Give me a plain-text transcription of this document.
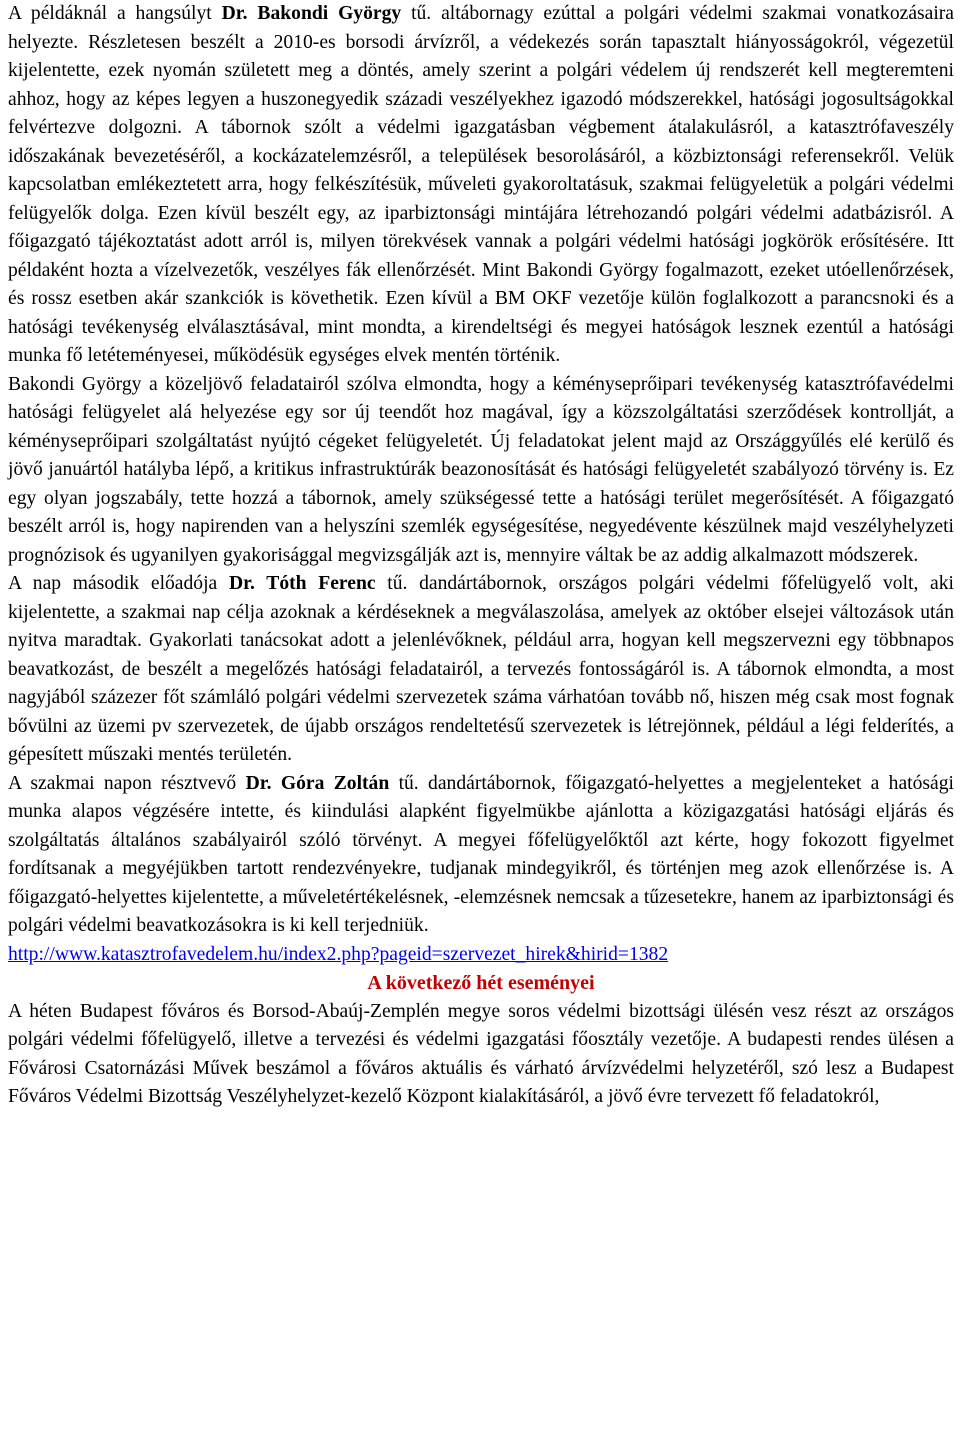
A példáknál a hangsúlyt Dr. Bakondi György tű. altábornagy ezúttal a polgári védelmi szakmai vonatkozásaira helyezte. Részletesen beszélt a 2010-es borsodi árvízről, a védekezés során tapasztalt hiányosságokról, végezetül kijelentette, ezek nyomán született meg a döntés, amely szerint a polgári védelem új rendszerét kell megteremteni ahhoz, hogy az képes legyen a huszonegyedik századi veszélyekhez igazodó módszerekkel, hatósági jogosultságokkal felvértezve dolgozni. A tábornok szólt a védelmi igazgatásban végbement átalakulásról, a katasztrófaveszély időszakának bevezetéséről, a kockázatelemzésről, a települések besorolásáról, a közbiztonsági referensekről. Velük kapcsolatban emlékeztetett arra, hogy felkészítésük, műveleti gyakoroltatásuk, szakmai felügyeletük a polgári védelmi felügyelők dolga. Ezen kívül beszélt egy, az iparbiztonsági mintájára létrehozandó polgári védelmi adatbázisról. A főigazgató tájékoztatást adott arról is, milyen törekvések vannak a polgári védelmi hatósági jogkörök erősítésére. Itt példaként hozta a vízelvezetők, veszélyes fák ellenőrzését. Mint Bakondi György fogalmazott, ezeket utóellenőrzések, és rossz esetben akár szankciók is követhetik. Ezen kívül a BM OKF vezetője külön foglalkozott a parancsnoki és a hatósági tevékenység elválasztásával, mint mondta, a kirendeltségi és megyei hatóságok lesznek ezentúl a hatósági munka fő letéteményesei, működésük egységes elvek mentén történik.

Bakondi György a közeljövő feladatairól szólva elmondta, hogy a kéményseprőipari tevékenység katasztrófavédelmi hatósági felügyelet alá helyezése egy sor új teendőt hoz magával, így a közszolgáltatási szerződések kontrollját, a kéményseprőipari szolgáltatást nyújtó cégeket felügyeletét. Új feladatokat jelent majd az Országgyűlés elé kerülő és jövő januártól hatályba lépő, a kritikus infrastruktúrák beazonosítását és hatósági felügyeletét szabályozó törvény is. Ez egy olyan jogszabály, tette hozzá a tábornok, amely szükségessé tette a hatósági terület megerősítését. A főigazgató beszélt arról is, hogy napirenden van a helyszíni szemlék egységesítése, negyedévente készülnek majd veszélyhelyzeti prognózisok és ugyanilyen gyakorisággal megvizsgálják azt is, mennyire váltak be az addig alkalmazott módszerek.

A nap második előadója Dr. Tóth Ferenc tű. dandártábornok, országos polgári védelmi főfelügyelő volt, aki kijelentette, a szakmai nap célja azoknak a kérdéseknek a megválaszolása, amelyek az október elsejei változások után nyitva maradtak. Gyakorlati tanácsokat adott a jelenlévőknek, például arra, hogyan kell megszervezni egy többnapos beavatkozást, de beszélt a megelőzés hatósági feladatairól, a tervezés fontosságáról is. A tábornok elmondta, a most nagyjából százezer főt számláló polgári védelmi szervezetek száma várhatóan tovább nő, hiszen még csak most fognak bővülni az üzemi pv szervezetek, de újabb országos rendeltetésű szervezetek is létrejönnek, például a légi felderítés, a gépesített műszaki mentés területén.

A szakmai napon résztvevő Dr. Góra Zoltán tű. dandártábornok, főigazgató-helyettes a megjelenteket a hatósági munka alapos végzésére intette, és kiindulási alapként figyelmükbe ajánlotta a közigazgatási hatósági eljárás és szolgáltatás általános szabályairól szóló törvényt. A megyei főfelügyelőktől azt kérte, hogy fokozott figyelmet fordítsanak a megyéjükben tartott rendezvényekre, tudjanak mindegyikről, és történjen meg azok ellenőrzése is. A főigazgató-helyettes kijelentette, a műveletértékelésnek, -elemzésnek nemcsak a tűzesetekre, hanem az iparbiztonsági és polgári védelmi beavatkozásokra is ki kell terjedniük.

http://www.katasztrofavedelem.hu/index2.php?pageid=szervezet_hirek&hirid=1382

A következő hét eseményei

A héten Budapest főváros és Borsod-Abaúj-Zemplén megye soros védelmi bizottsági ülésén vesz részt az országos polgári védelmi főfelügyelő, illetve a tervezési és védelmi igazgatási főosztály vezetője. A budapesti rendes ülésen a Fővárosi Csatornázási Művek beszámol a főváros aktuális és várható árvízvédelmi helyzetéről, szó lesz a Budapest Főváros Védelmi Bizottság Veszélyhelyzet-kezelő Központ kialakításáról, a jövő évre tervezett fő feladatokról,
